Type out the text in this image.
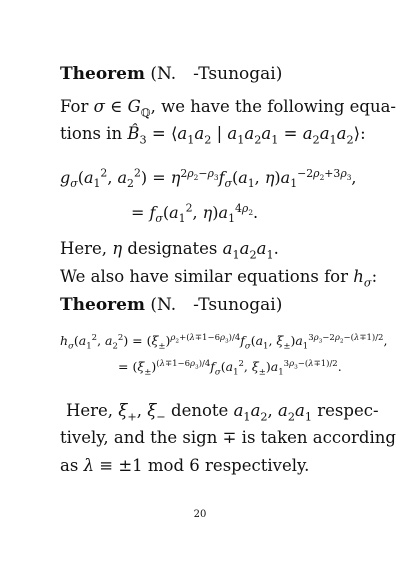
Theorem (N. -Tsunogai)
For σ ∈ $G_ℚ$, we have the following equa-
tions in $B̂_3$ = $⟨a_1a_2$ | $a_1a_2a_1$ = $a_2a_1a_2⟩$:
$g_\sigma(a_1^2$, $a_2^2) = \eta^{2\rho_2-\rho_3}f_\sigma(a_1$, $\eta)a_1^{-2\rho_2+3\rho_3}$,
= $f_\sigma(a_1^2$, $\eta)a_1^{4\rho_2}$.
Here, η designates $a_1a_2a_1$.
We also have similar equations for $h_\sigma$:
Theorem (N. -Tsunogai)
$h_\sigma(a_1^2$, $a_2^2) = (\xi_\pm)^{\rho_2+(\lambda\mp 1-6\rho_3)/4}f_\sigma(a_1$, $\xi_\pm)a_1^{3\rho_3-2\rho_2-(\lambda\mp 1)/2}$,
= $(\xi_\pm)^{(\lambda\mp 1-6\rho_3)/4}f_\sigma(a_1^2$, $\xi_\pm)a_1^{3\rho_3-(\lambda\mp 1)/2}$.
Here, $\xi_+$, $\xi_-$ denote $a_1a_2$, $a_2a_1$ respec-
tively, and the sign ∓ is taken according
as λ ≡ ±1 mod 6 respectively.
20
